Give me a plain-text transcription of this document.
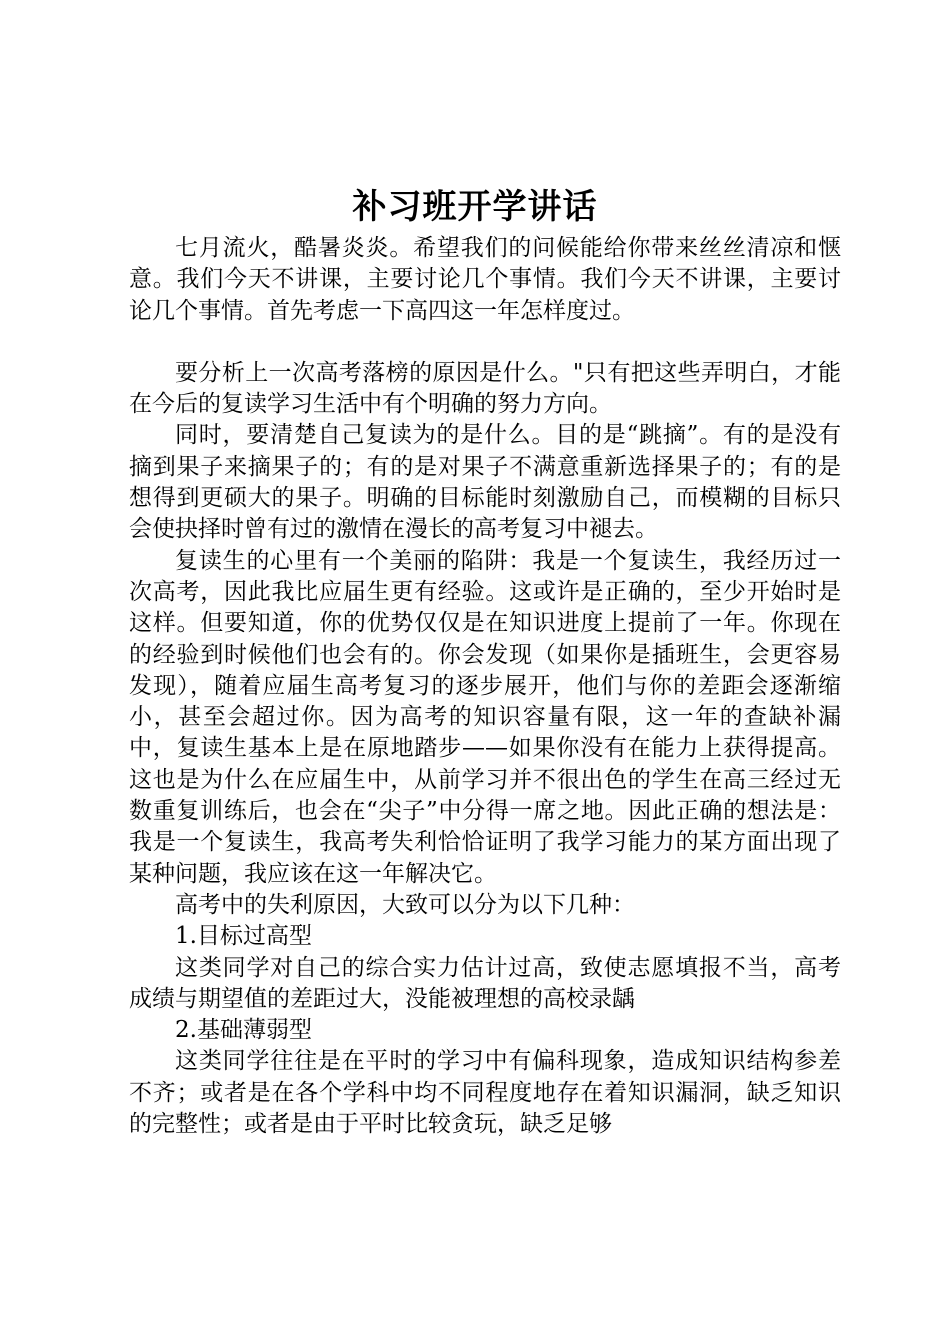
补习班开学讲话

七月流火，酷暑炎炎。希望我们的问候能给你带来丝丝清凉和惬意。我们今天不讲课，主要讨论几个事情。我们今天不讲课，主要讨论几个事情。首先考虑一下高四这一年怎样度过。

要分析上一次高考落榜的原因是什么。"只有把这些弄明白，才能在今后的复读学习生活中有个明确的努力方向。

同时，要清楚自己复读为的是什么。目的是“跳摘”。有的是没有摘到果子来摘果子的；有的是对果子不满意重新选择果子的；有的是想得到更硕大的果子。明确的目标能时刻激励自己，而模糊的目标只会使抉择时曾有过的激情在漫长的高考复习中褪去。

复读生的心里有一个美丽的陷阱：我是一个复读生，我经历过一次高考，因此我比应届生更有经验。这或许是正确的，至少开始时是这样。但要知道，你的优势仅仅是在知识进度上提前了一年。你现在的经验到时候他们也会有的。你会发现（如果你是插班生，会更容易发现），随着应届生高考复习的逐步展开，他们与你的差距会逐渐缩小，甚至会超过你。因为高考的知识容量有限，这一年的查缺补漏中，复读生基本上是在原地踏步——如果你没有在能力上获得提高。这也是为什么在应届生中，从前学习并不很出色的学生在高三经过无数重复训练后，也会在“尖子”中分得一席之地。因此正确的想法是：我是一个复读生，我高考失利恰恰证明了我学习能力的某方面出现了某种问题，我应该在这一年解决它。

高考中的失利原因，大致可以分为以下几种：

1.目标过高型

这类同学对自己的综合实力估计过高，致使志愿填报不当，高考成绩与期望值的差距过大，没能被理想的高校录龋

2.基础薄弱型

这类同学往往是在平时的学习中有偏科现象，造成知识结构参差不齐；或者是在各个学科中均不同程度地存在着知识漏洞，缺乏知识的完整性；或者是由于平时比较贪玩，缺乏足够
